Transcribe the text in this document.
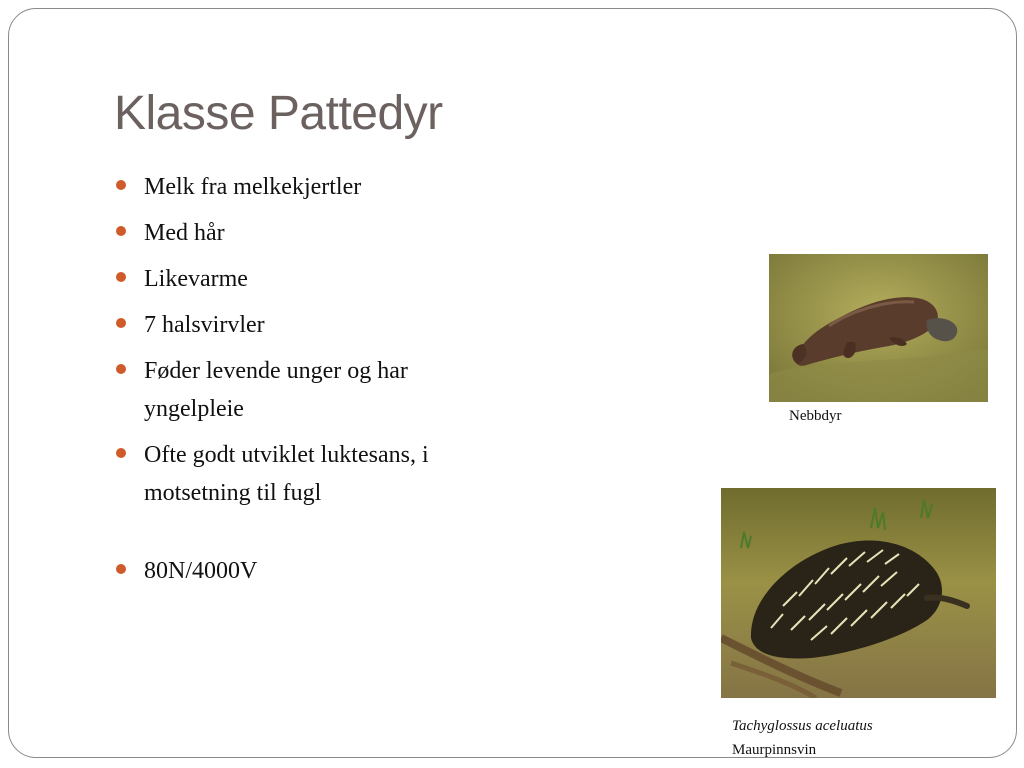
Klasse Pattedyr
Melk fra melkekjertler
Med hår
Likevarme
7 halsvirvler
Føder levende unger og har yngelpleie
Ofte godt utviklet luktesans, i motsetning til fugl
80N/4000V
Nebbdyr
Tachyglossus aceluatus
Maurpinnsvin
